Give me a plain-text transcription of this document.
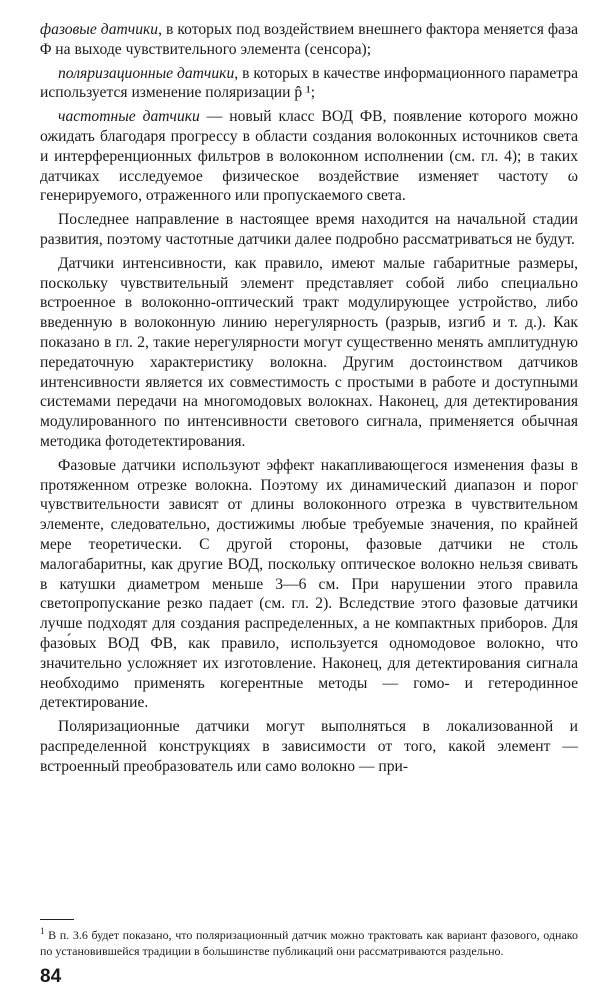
фазовые датчики, в которых под воздействием внешнего фактора меняется фаза Φ на выходе чувствительного элемента (сенсора);

поляризационные датчики, в которых в качестве информационного параметра используется изменение поляризации p̂ ¹;

частотные датчики — новый класс ВОД ФВ, появление которого можно ожидать благодаря прогрессу в области создания волоконных источников света и интерференционных фильтров в волоконном исполнении (см. гл. 4); в таких датчиках исследуемое физическое воздействие изменяет частоту ω генерируемого, отраженного или пропускаемого света.

Последнее направление в настоящее время находится на начальной стадии развития, поэтому частотные датчики далее подробно рассматриваться не будут.

Датчики интенсивности, как правило, имеют малые габаритные размеры, поскольку чувствительный элемент представляет собой либо специально встроенное в волоконно-оптический тракт модулирующее устройство, либо введенную в волоконную линию нерегулярность (разрыв, изгиб и т. д.). Как показано в гл. 2, такие нерегулярности могут существенно менять амплитудную передаточную характеристику волокна. Другим достоинством датчиков интенсивности является их совместимость с простыми в работе и доступными системами передачи на многомодовых волокнах. Наконец, для детектирования модулированного по интенсивности светового сигнала, применяется обычная методика фотодетектирования.

Фазовые датчики используют эффект накапливающегося изменения фазы в протяженном отрезке волокна. Поэтому их динамический диапазон и порог чувствительности зависят от длины волоконного отрезка в чувствительном элементе, следовательно, достижимы любые требуемые значения, по крайней мере теоретически. С другой стороны, фазовые датчики не столь малогабаритны, как другие ВОД, поскольку оптическое волокно нельзя свивать в катушки диаметром меньше 3—6 см. При нарушении этого правила светопропускание резко падает (см. гл. 2). Вследствие этого фазовые датчики лучше подходят для создания распределенных, а не компактных приборов. Для фазо́вых ВОД ФВ, как правило, используется одномодовое волокно, что значительно усложняет их изготовление. Наконец, для детектирования сигнала необходимо применять когерентные методы — гомо- и гетеродинное детектирование.

Поляризационные датчики могут выполняться в локализованной и распределенной конструкциях в зависимости от того, какой элемент — встроенный преобразователь или само волокно — при-

$^1$ В п. 3.6 будет показано, что поляризационный датчик можно трактовать как вариант фазового, однако по установившейся традиции в большинстве публикаций они рассматриваются раздельно.
84
